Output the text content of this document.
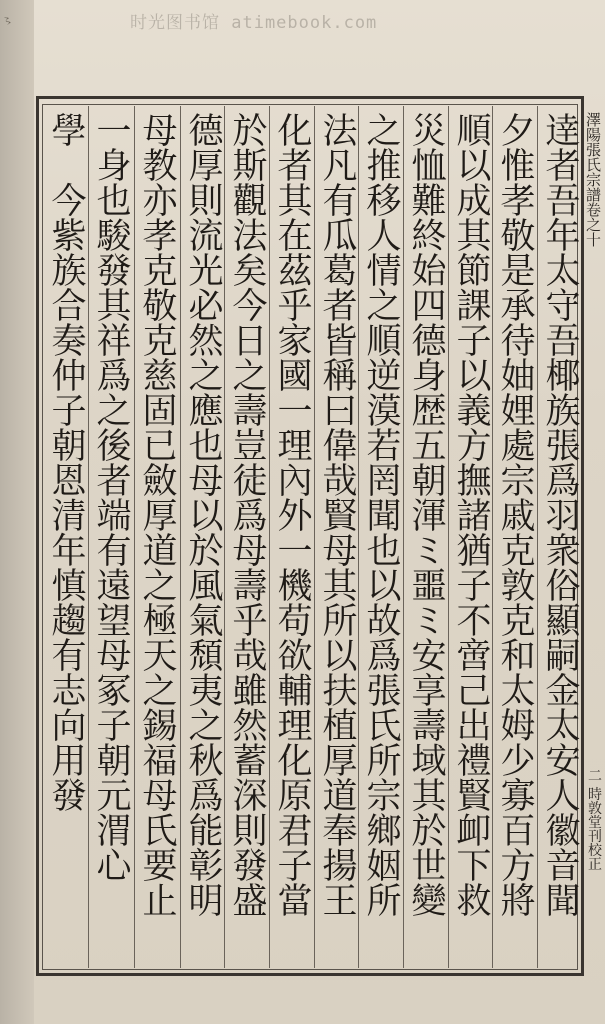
〻	时光图书馆 atimebook.com
逹者吾年太守吾椰族張爲羽衆俗顯嗣金太安人徽音聞
夕惟孝敬是承待妯娌處宗戚克敦克和太姆少寡百方將
順以成其節課子以義方撫諸猶子不啻己出禮賢卹下救
災恤難終始四德身歴五朝渾ミ噩ミ安享壽域其於世變
之推移人情之順逆漠若罔聞也以故爲張氏所宗鄉姻所
法凡有瓜葛者皆稱曰偉哉賢母其所以扶植厚道奉揚王
化者其在茲乎家國一理內外一機苟欲輔理化原君子當
於斯觀法矣今日之壽豈徒爲母壽乎哉雖然蓄深則發盛
德厚則流光必然之應也母以於風氣頹夷之秋爲能彰明
母教亦孝克敬克慈固已斂厚道之極天之錫福母氏要止
一身也駿發其祥爲之後者端有遠望母冢子朝元渭心
學　今紫族合奏仲子朝恩清年慎趨有志向用發	澤陽張氏宗譜卷之十
二 時敦堂刊校正
